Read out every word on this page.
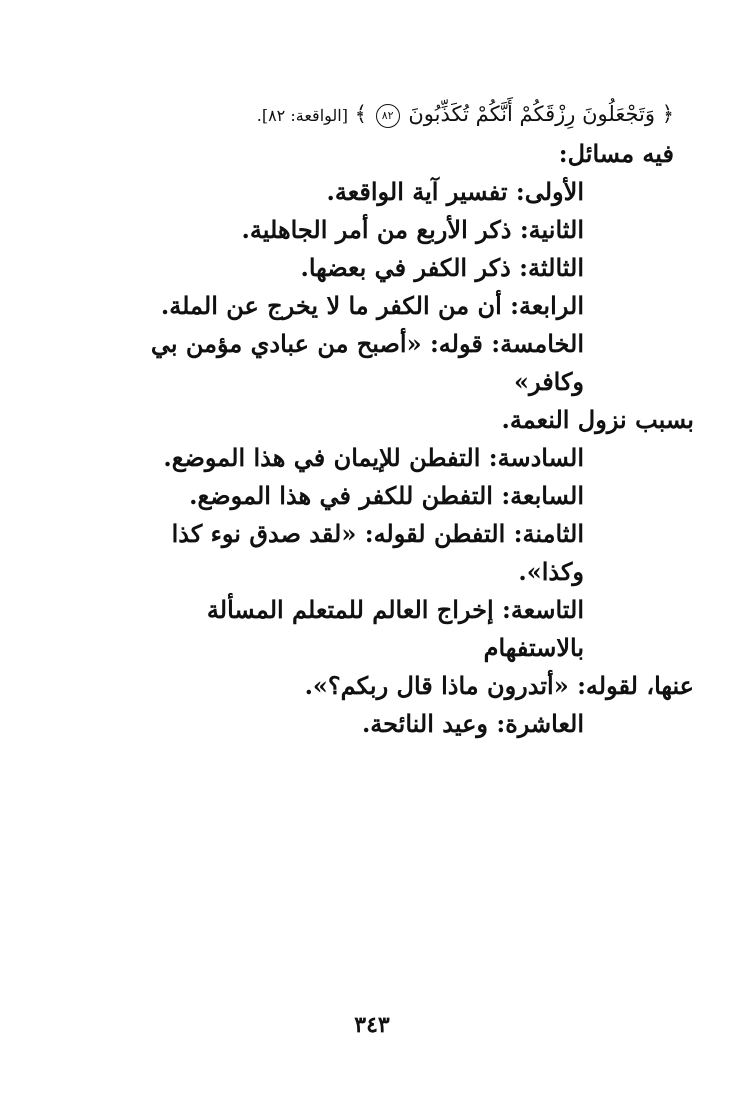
﴿ وَتَجْعَلُونَ رِزْقَكُمْ أَنَّكُمْ تُكَذِّبُونَ ٨٢ ﴾ [الواقعة: ٨٢].

فيه مسائل:

الأولى: تفسير آية الواقعة.

الثانية: ذكر الأربع من أمر الجاهلية.

الثالثة: ذكر الكفر في بعضها.

الرابعة: أن من الكفر ما لا يخرج عن الملة.

الخامسة: قوله: «أصبح من عبادي مؤمن بي وكافر»

بسبب نزول النعمة.

السادسة: التفطن للإيمان في هذا الموضع.

السابعة: التفطن للكفر في هذا الموضع.

الثامنة: التفطن لقوله: «لقد صدق نوء كذا وكذا».

التاسعة: إخراج العالم للمتعلم المسألة بالاستفهام

عنها، لقوله: «أتدرون ماذا قال ربكم؟».

العاشرة: وعيد النائحة.

٣٤٣
